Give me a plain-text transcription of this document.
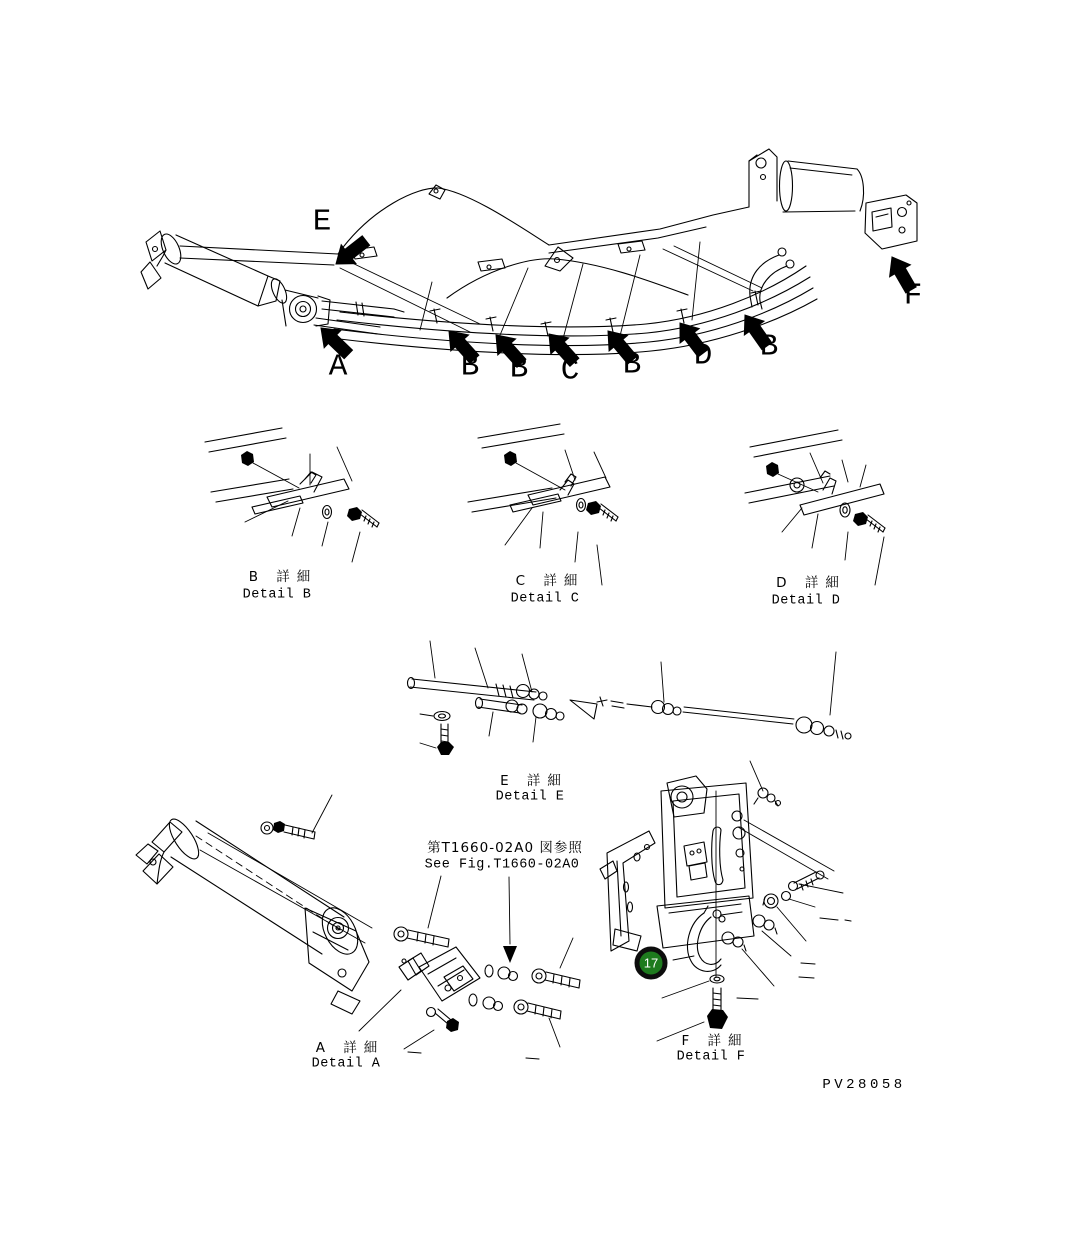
E
A	B B C B D B
F
B 詳細
Detail B
C 詳細
Detail C
D 詳細
Detail D
E 詳細
Detail E
A 詳細
Detail A
F 詳細
Detail F
第T1660-02A0 図参照
See Fig.T1660-02A0
PV28058
17
